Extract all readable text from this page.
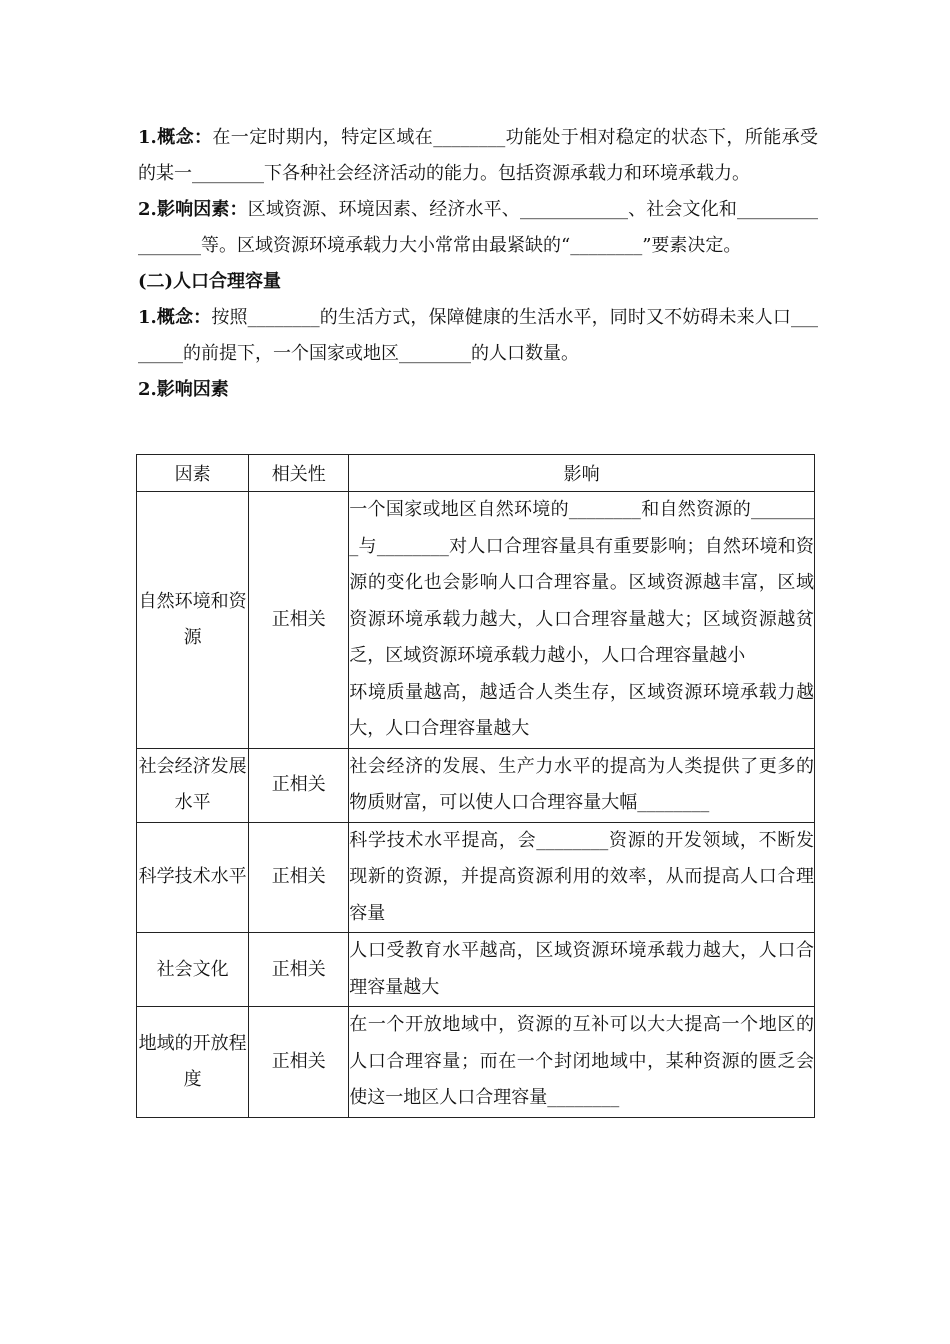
1.概念：在一定时期内，特定区域在________功能处于相对稳定的状态下，所能承受的某一________下各种社会经济活动的能力。包括资源承载力和环境承载力。

2.影响因素：区域资源、环境因素、经济水平、____________、社会文化和________________等。区域资源环境承载力大小常常由最紧缺的“________”要素决定。

(二)人口合理容量

1.概念：按照________的生活方式，保障健康的生活水平，同时又不妨碍未来人口________的前提下，一个国家或地区________的人口数量。

2.影响因素

因素	相关性	影响
自然环境和资源	正相关	一个国家或地区自然环境的________和自然资源的________与________对人口合理容量具有重要影响；自然环境和资源的变化也会影响人口合理容量。区域资源越丰富，区域资源环境承载力越大，人口合理容量越大；区域资源越贫乏，区域资源环境承载力越小，人口合理容量越小
环境质量越高，越适合人类生存，区域资源环境承载力越大，人口合理容量越大

社会经济发展水平	正相关	社会经济的发展、生产力水平的提高为人类提供了更多的物质财富，可以使人口合理容量大幅________
科学技术水平	正相关	科学技术水平提高，会________资源的开发领域，不断发现新的资源，并提高资源利用的效率，从而提高人口合理容量
社会文化	正相关	人口受教育水平越高，区域资源环境承载力越大，人口合理容量越大
地域的开放程度	正相关	在一个开放地域中，资源的互补可以大大提高一个地区的人口合理容量；而在一个封闭地域中，某种资源的匮乏会使这一地区人口合理容量________
